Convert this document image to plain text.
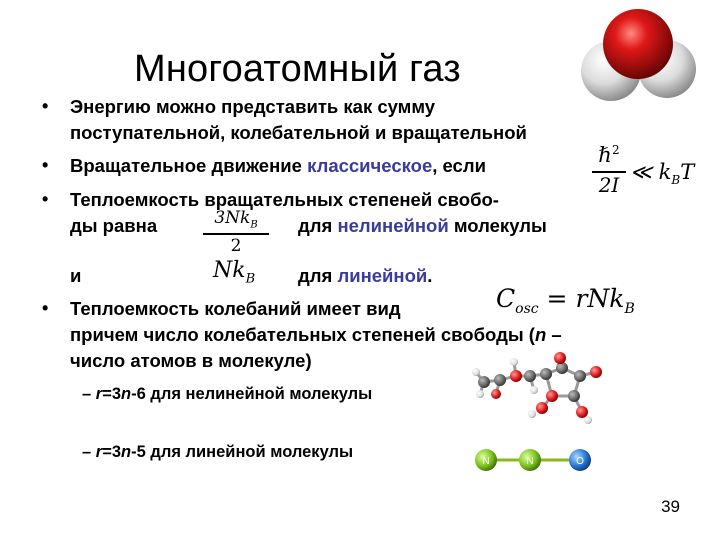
Многоатомный газ
• Энергию можно представить как сумму
поступательной, колебательной и вращательной
• Вращательное движение классическое, если	ℏ$^2$
2I
≪ $k_BT$
• Теплоемкость вращательных степеней свобо-
ды равна	для нелинейной молекулы
$3Nk_B$
2
и	$Nk_B$ для линейной.
• Теплоемкость колебаний имеет вид	$C_{osc} = rNk_B$
причем число колебательных степеней свободы (n –
число атомов в молекуле)
– r=3n-6 для нелинейной молекулы
– r=3n-5 для линейной молекулы
N	N	O
39
